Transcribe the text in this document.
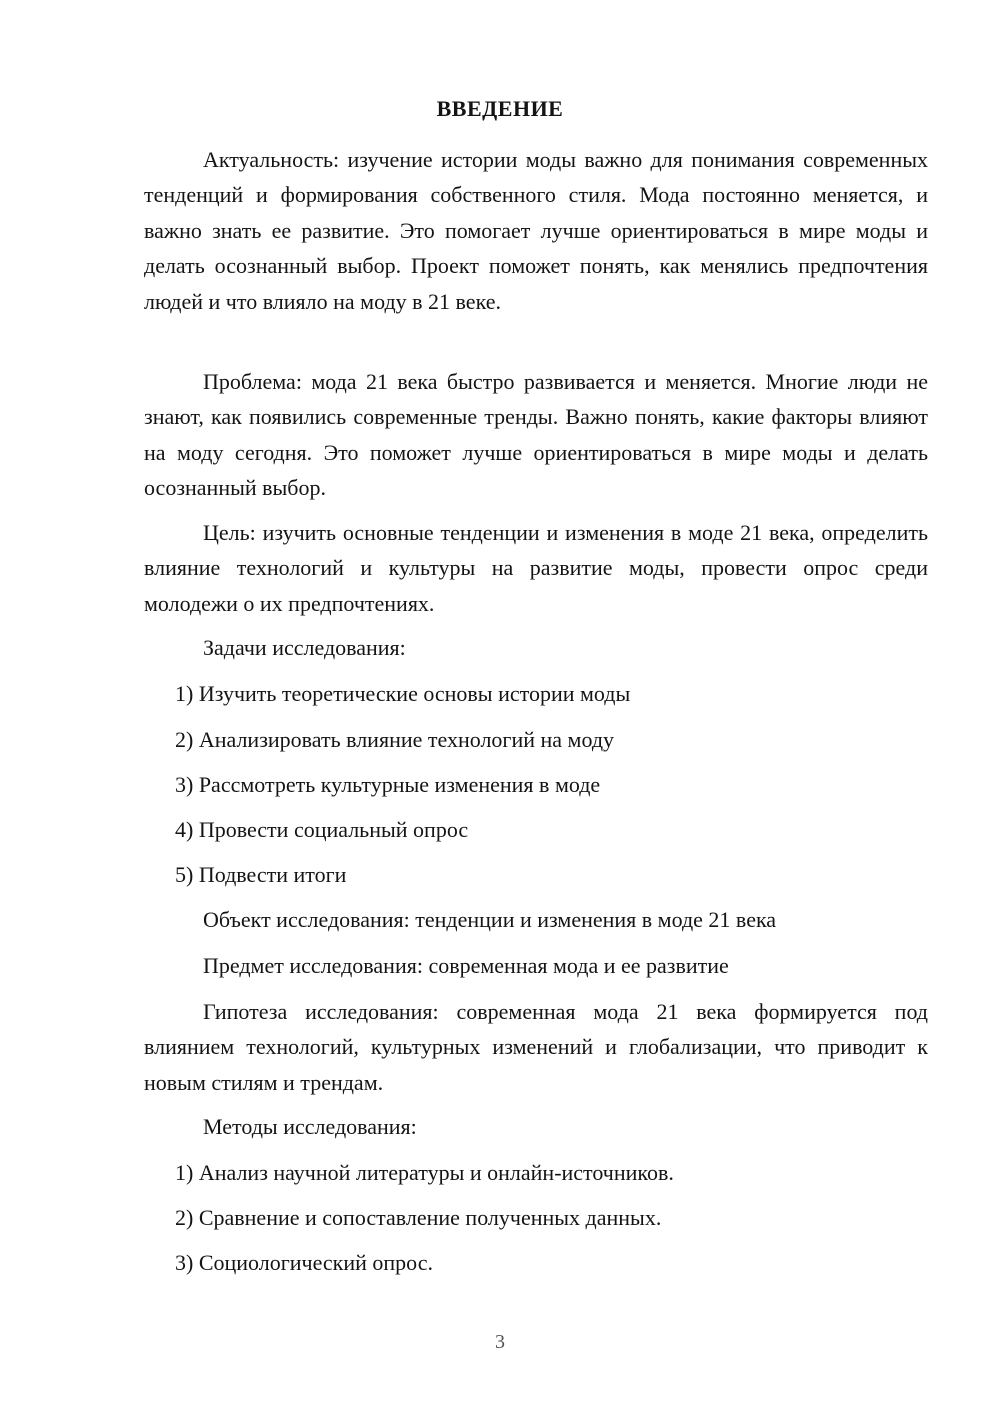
ВВЕДЕНИЕ

Актуальность: изучение истории моды важно для понимания современных тенденций и формирования собственного стиля. Мода постоянно меняется, и важно знать ее развитие. Это помогает лучше ориентироваться в мире моды и делать осознанный выбор. Проект поможет понять, как менялись предпочтения людей и что влияло на моду в 21 веке.

Проблема: мода 21 века быстро развивается и меняется. Многие люди не знают, как появились современные тренды. Важно понять, какие факторы влияют на моду сегодня. Это поможет лучше ориентироваться в мире моды и делать осознанный выбор.

Цель: изучить основные тенденции и изменения в моде 21 века, определить влияние технологий и культуры на развитие моды, провести опрос среди молодежи о их предпочтениях.

Задачи исследования:

1) Изучить теоретические основы истории моды

2) Анализировать влияние технологий на моду

3) Рассмотреть культурные изменения в моде

4) Провести социальный опрос

5) Подвести итоги

Объект исследования: тенденции и изменения в моде 21 века

Предмет исследования: современная мода и ее развитие

Гипотеза исследования: современная мода 21 века формируется под влиянием технологий, культурных изменений и глобализации, что приводит к новым стилям и трендам.

Методы исследования:

1) Анализ научной литературы и онлайн-источников.

2) Сравнение и сопоставление полученных данных.

3) Социологический опрос.

3
